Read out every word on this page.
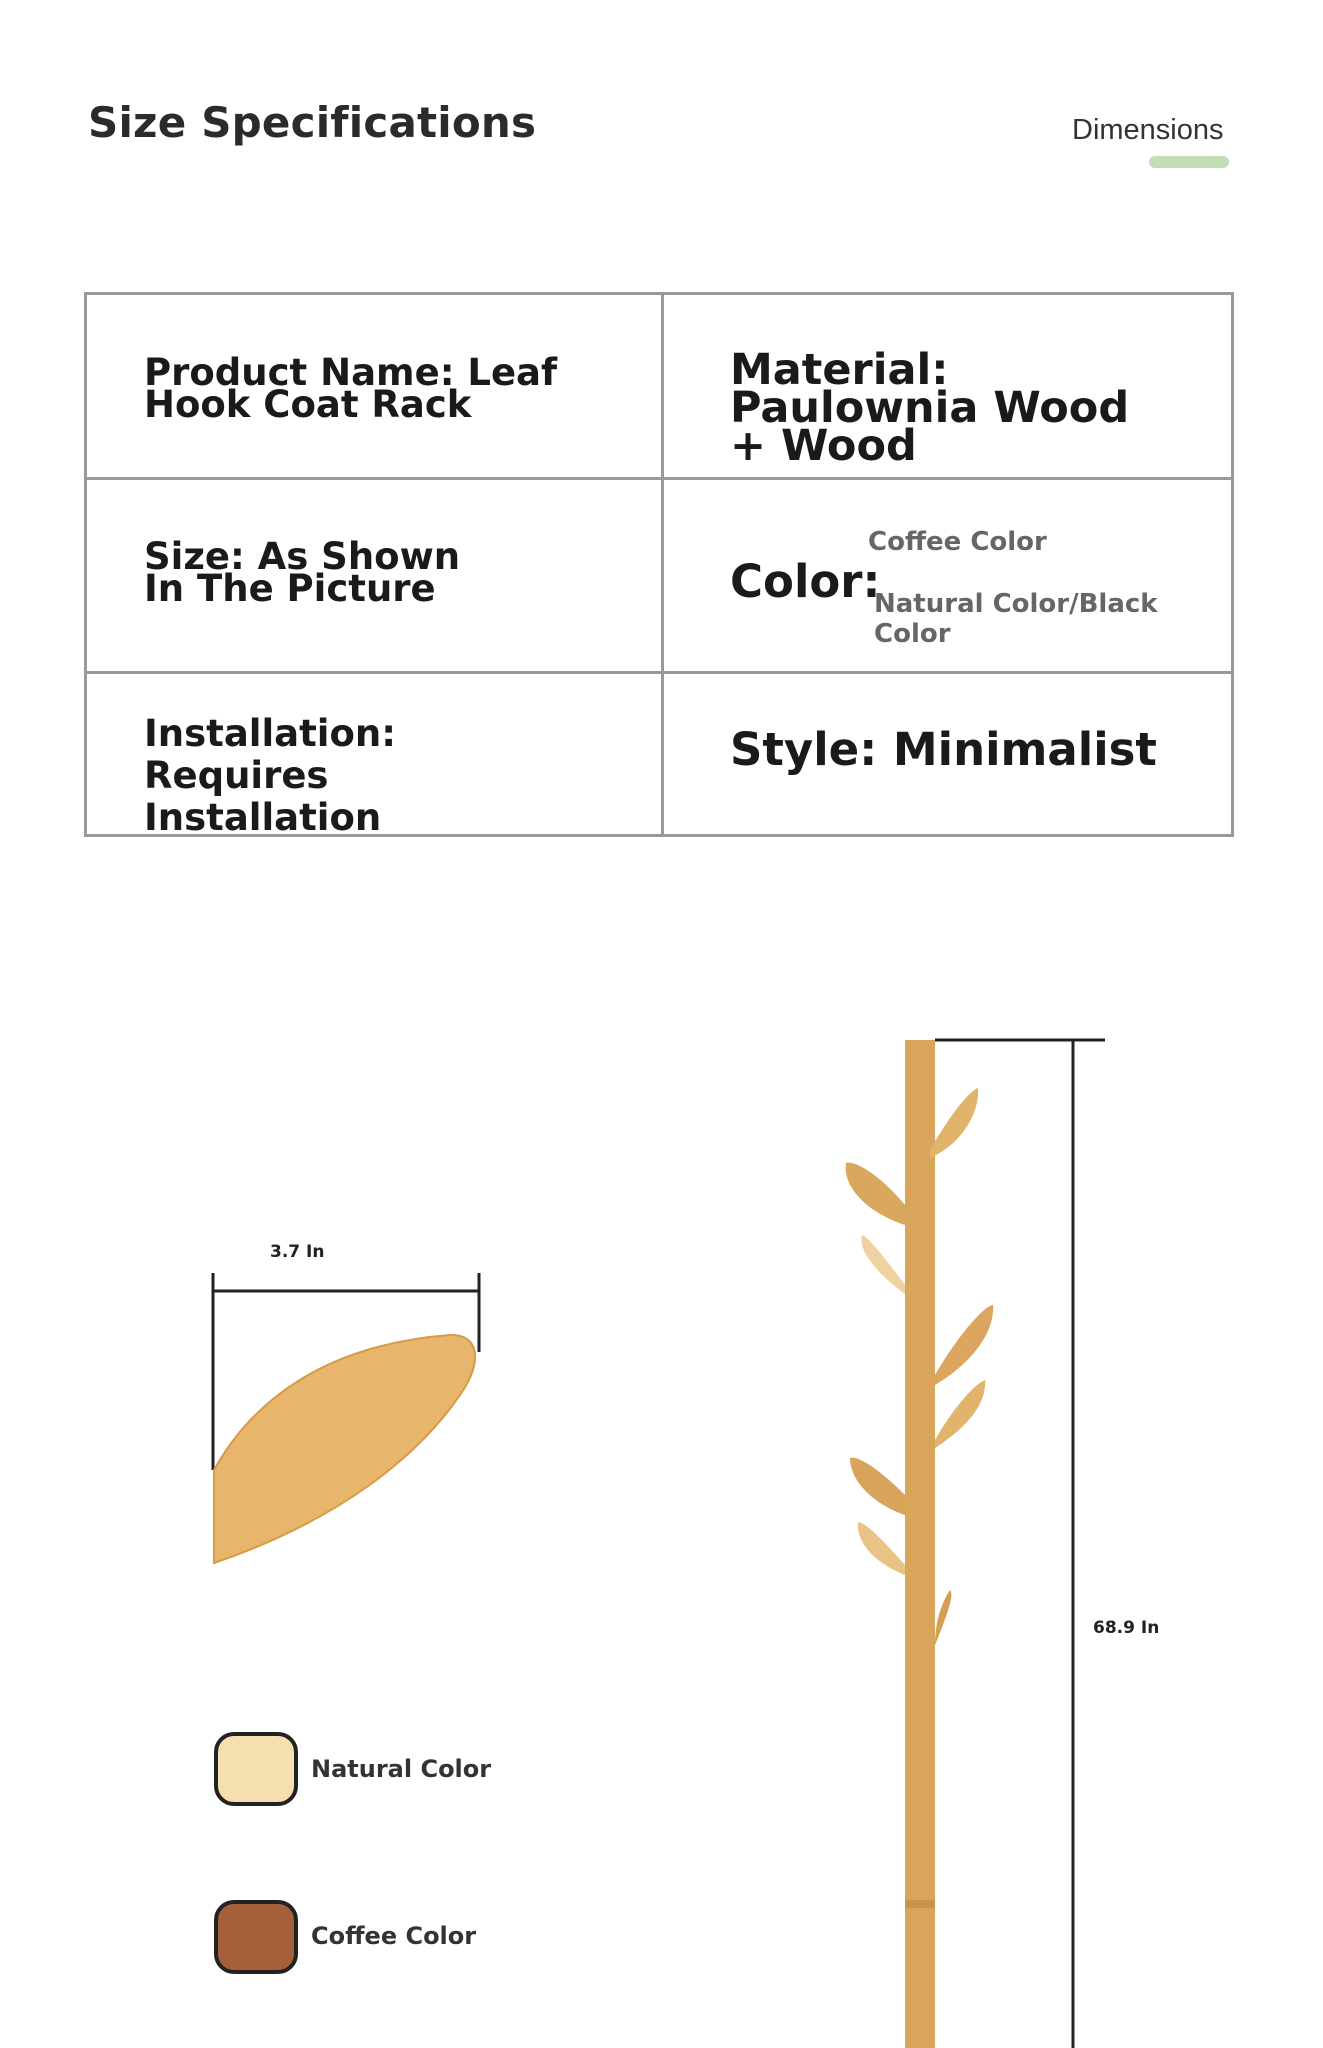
Size Specifications	Dimensions
Product Name: Leaf Hook Coat Rack
Material: Paulownia Wood + Wood
Size: As Shown In The Picture	Color:
Coffee Color
Natural Color/Black Color
Installation: Requires Installation
Style: Minimalist
3.7 In
68.9 In
Natural Color
Coffee Color
